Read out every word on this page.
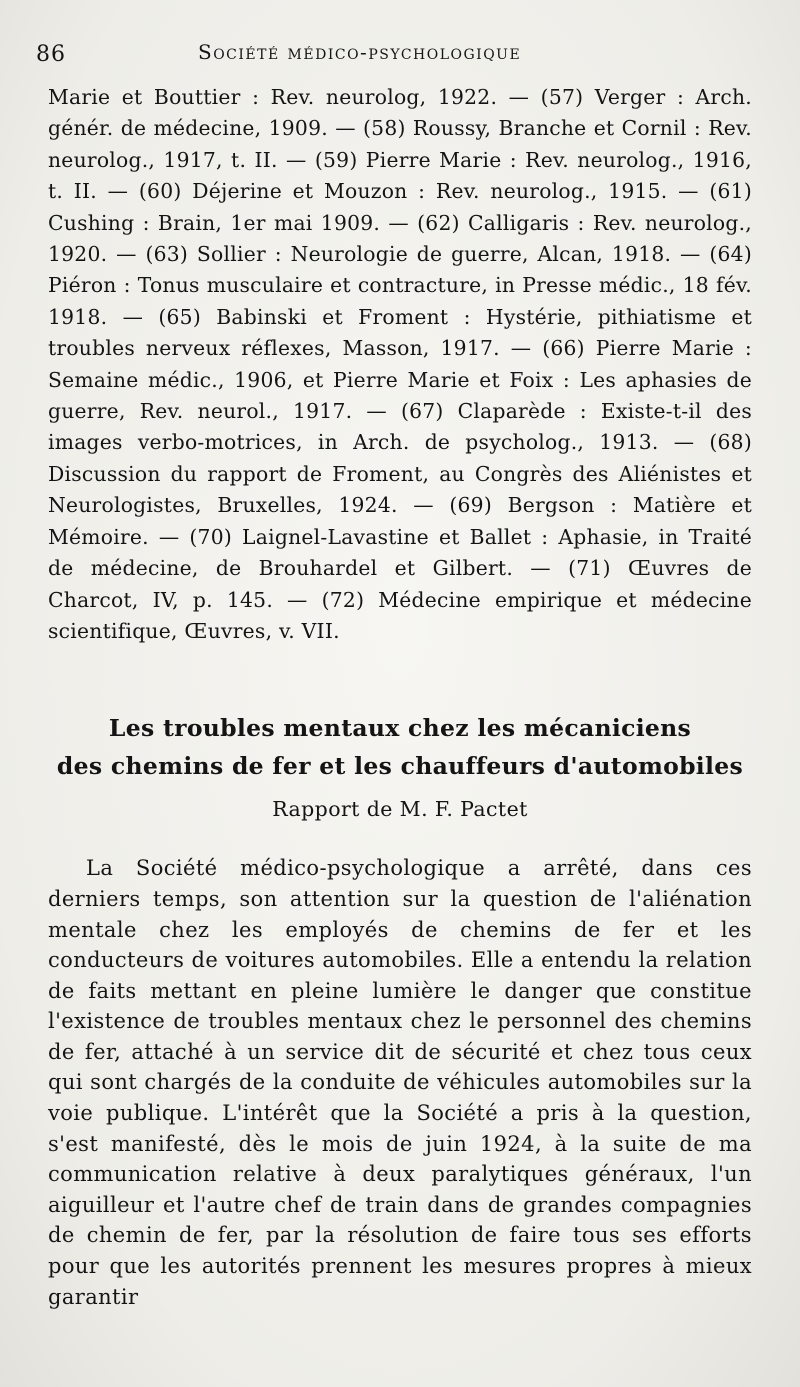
86	Société médico-psychologique

Marie et Bouttier : Rev. neurolog, 1922. — (57) Verger : Arch. génér. de médecine, 1909. — (58) Roussy, Branche et Cornil : Rev. neurolog., 1917, t. II. — (59) Pierre Marie : Rev. neurolog., 1916, t. II. — (60) Déjerine et Mouzon : Rev. neurolog., 1915. — (61) Cushing : Brain, 1er mai 1909. — (62) Calligaris : Rev. neurolog., 1920. — (63) Sollier : Neurologie de guerre, Alcan, 1918. — (64) Piéron : Tonus musculaire et contracture, in Presse médic., 18 fév. 1918. — (65) Babinski et Froment : Hystérie, pithiatisme et troubles nerveux réflexes, Masson, 1917. — (66) Pierre Marie : Semaine médic., 1906, et Pierre Marie et Foix : Les aphasies de guerre, Rev. neurol., 1917. — (67) Claparède : Existe-t-il des images verbo-motrices, in Arch. de psycholog., 1913. — (68) Discussion du rapport de Froment, au Congrès des Aliénistes et Neurologistes, Bruxelles, 1924. — (69) Bergson : Matière et Mémoire. — (70) Laignel-Lavastine et Ballet : Aphasie, in Traité de médecine, de Brouhardel et Gilbert. — (71) Œuvres de Charcot, IV, p. 145. — (72) Médecine empirique et médecine scientifique, Œuvres, v. VII.

Les troubles mentaux chez les mécaniciens

des chemins de fer et les chauffeurs d'automobiles

Rapport de M. F. Pactet

La Société médico-psychologique a arrêté, dans ces derniers temps, son attention sur la question de l'aliénation mentale chez les employés de chemins de fer et les conducteurs de voitures automobiles. Elle a entendu la relation de faits mettant en pleine lumière le danger que constitue l'existence de troubles mentaux chez le personnel des chemins de fer, attaché à un service dit de sécurité et chez tous ceux qui sont chargés de la conduite de véhicules automobiles sur la voie publique. L'intérêt que la Société a pris à la question, s'est manifesté, dès le mois de juin 1924, à la suite de ma communication relative à deux paralytiques généraux, l'un aiguilleur et l'autre chef de train dans de grandes compagnies de chemin de fer, par la résolution de faire tous ses efforts pour que les autorités prennent les mesures propres à mieux garantir
